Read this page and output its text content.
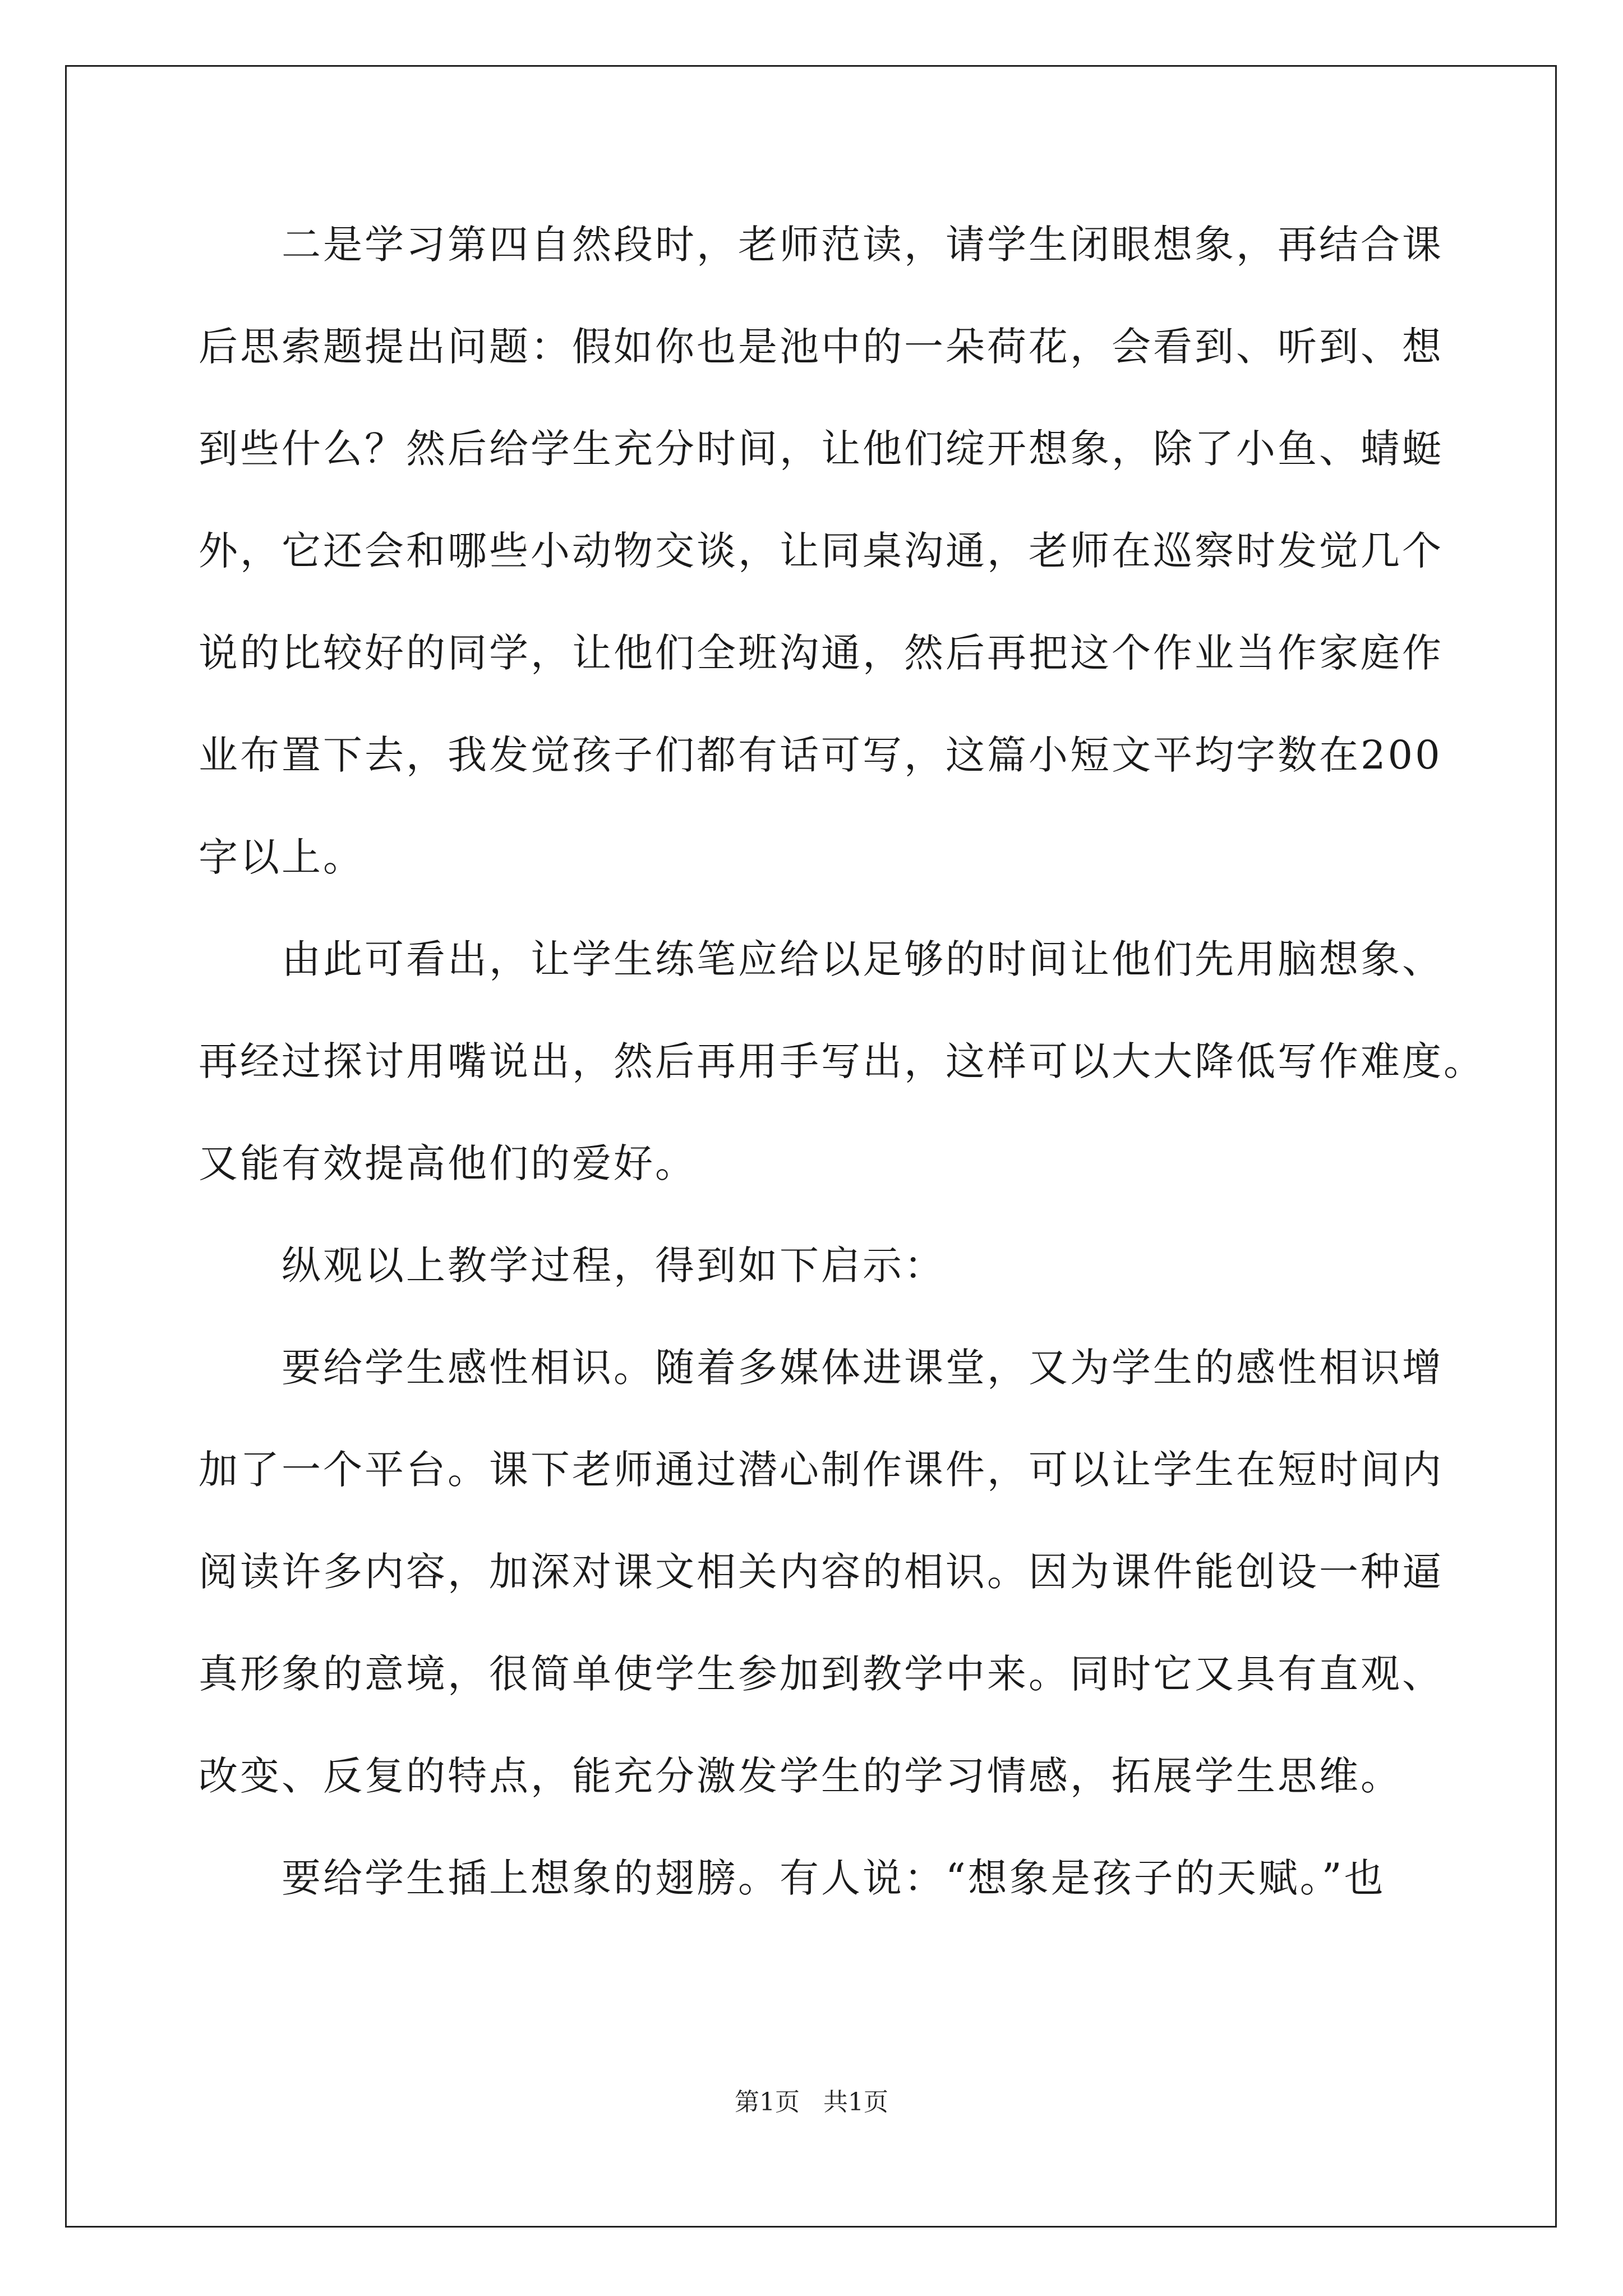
二是学习第四自然段时，老师范读，请学生闭眼想象，再结合课
后思索题提出问题：假如你也是池中的一朵荷花，会看到、听到、想
到些什么？然后给学生充分时间，让他们绽开想象，除了小鱼、蜻蜓
外，它还会和哪些小动物交谈，让同桌沟通，老师在巡察时发觉几个
说的比较好的同学，让他们全班沟通，然后再把这个作业当作家庭作
业布置下去，我发觉孩子们都有话可写，这篇小短文平均字数在200
字以上。
由此可看出，让学生练笔应给以足够的时间让他们先用脑想象、
再经过探讨用嘴说出，然后再用手写出，这样可以大大降低写作难度。
又能有效提高他们的爱好。
纵观以上教学过程，得到如下启示：
要给学生感性相识。随着多媒体进课堂，又为学生的感性相识增
加了一个平台。课下老师通过潜心制作课件，可以让学生在短时间内
阅读许多内容，加深对课文相关内容的相识。因为课件能创设一种逼
真形象的意境，很简单使学生参加到教学中来。同时它又具有直观、
改变、反复的特点，能充分激发学生的学习情感，拓展学生思维。
要给学生插上想象的翅膀。有人说：“想象是孩子的天赋。”也
第1页 共1页
